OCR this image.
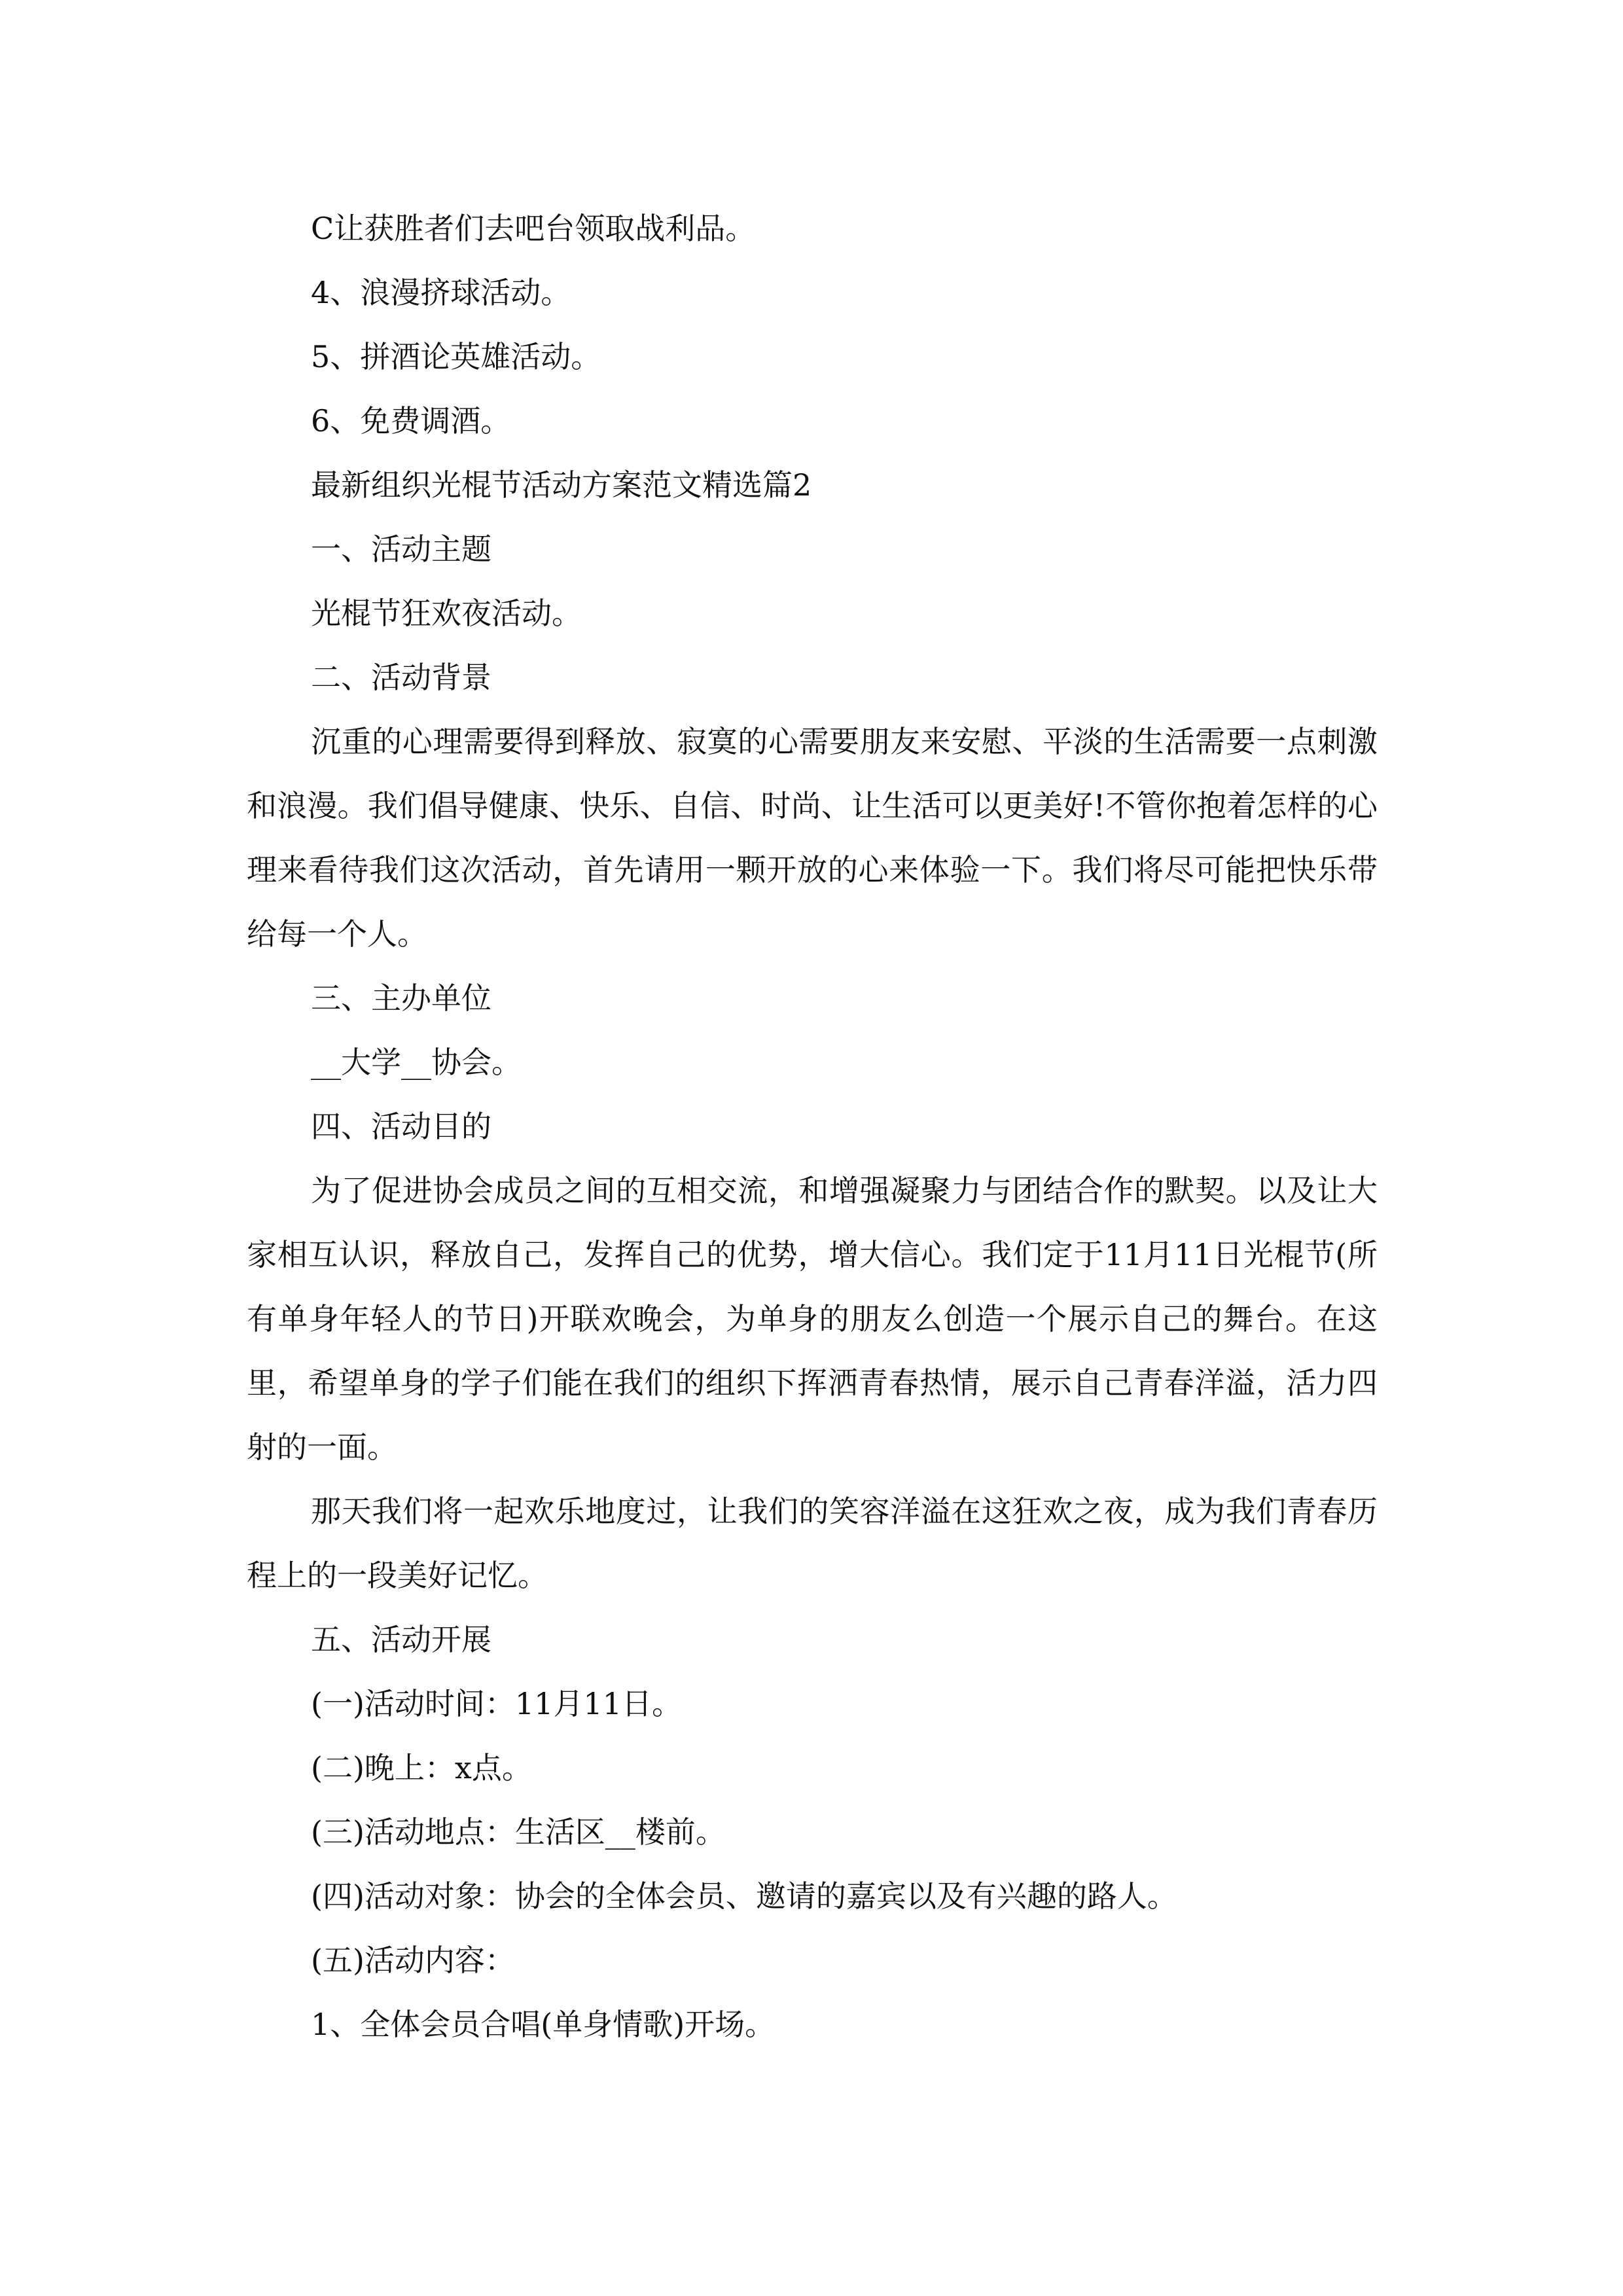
C让获胜者们去吧台领取战利品。
4、浪漫挤球活动。
5、拼酒论英雄活动。
6、免费调酒。
最新组织光棍节活动方案范文精选篇2
一、活动主题
光棍节狂欢夜活动。
二、活动背景

沉重的心理需要得到释放、寂寞的心需要朋友来安慰、平淡的生活需要一点刺激和浪漫。我们倡导健康、快乐、自信、时尚、让生活可以更美好!不管你抱着怎样的心理来看待我们这次活动，首先请用一颗开放的心来体验一下。我们将尽可能把快乐带给每一个人。

三、主办单位
__大学__协会。
四、活动目的

为了促进协会成员之间的互相交流，和增强凝聚力与团结合作的默契。以及让大家相互认识，释放自己，发挥自己的优势，增大信心。我们定于11月11日光棍节(所有单身年轻人的节日)开联欢晚会，为单身的朋友么创造一个展示自己的舞台。在这里，希望单身的学子们能在我们的组织下挥洒青春热情，展示自己青春洋溢，活力四射的一面。

那天我们将一起欢乐地度过，让我们的笑容洋溢在这狂欢之夜，成为我们青春历程上的一段美好记忆。

五、活动开展
(一)活动时间：11月11日。
(二)晚上：x点。
(三)活动地点：生活区__楼前。
(四)活动对象：协会的全体会员、邀请的嘉宾以及有兴趣的路人。
(五)活动内容：
1、全体会员合唱(单身情歌)开场。
